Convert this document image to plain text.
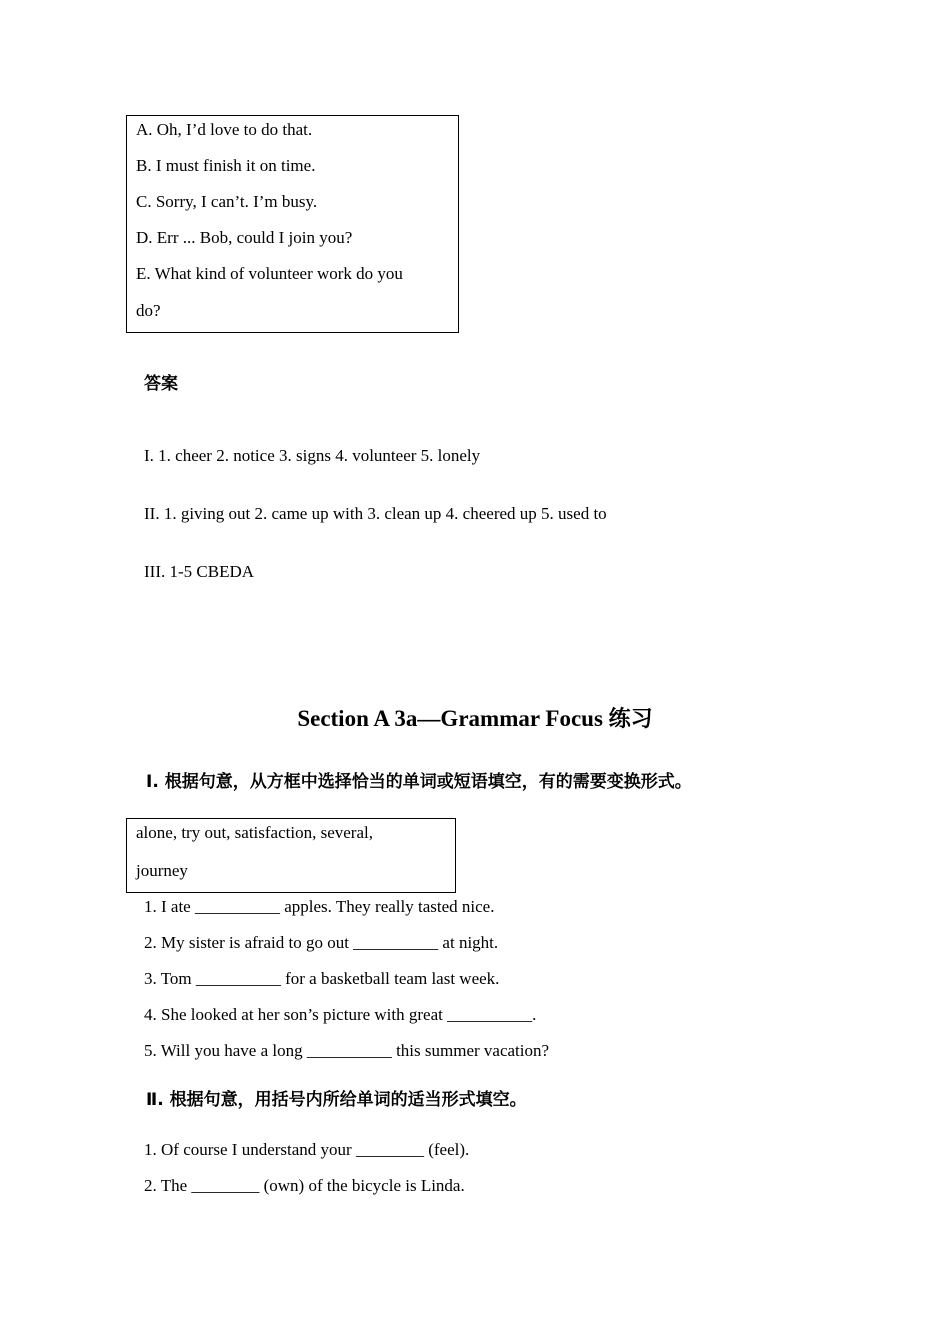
A. Oh, I’d love to do that.
B. I must finish it on time.
C. Sorry, I can’t. I’m busy.
D. Err ... Bob, could I join you?
E. What kind of volunteer work do you
do?
答案
I. 1. cheer 2. notice 3. signs 4. volunteer 5. lonely
II. 1. giving out 2. came up with 3. clean up 4. cheered up 5. used to
III. 1-5 CBEDA
Section A 3a—Grammar Focus 练习
Ⅰ. 根据句意，从方框中选择恰当的单词或短语填空，有的需要变换形式。
alone, try out, satisfaction, several,
journey
1. I ate __________ apples. They really tasted nice.
2. My sister is afraid to go out __________ at night.
3. Tom __________ for a basketball team last week.
4. She looked at her son’s picture with great __________.
5. Will you have a long __________ this summer vacation?
Ⅱ. 根据句意，用括号内所给单词的适当形式填空。
1. Of course I understand your ________ (feel).
2. The ________ (own) of the bicycle is Linda.
